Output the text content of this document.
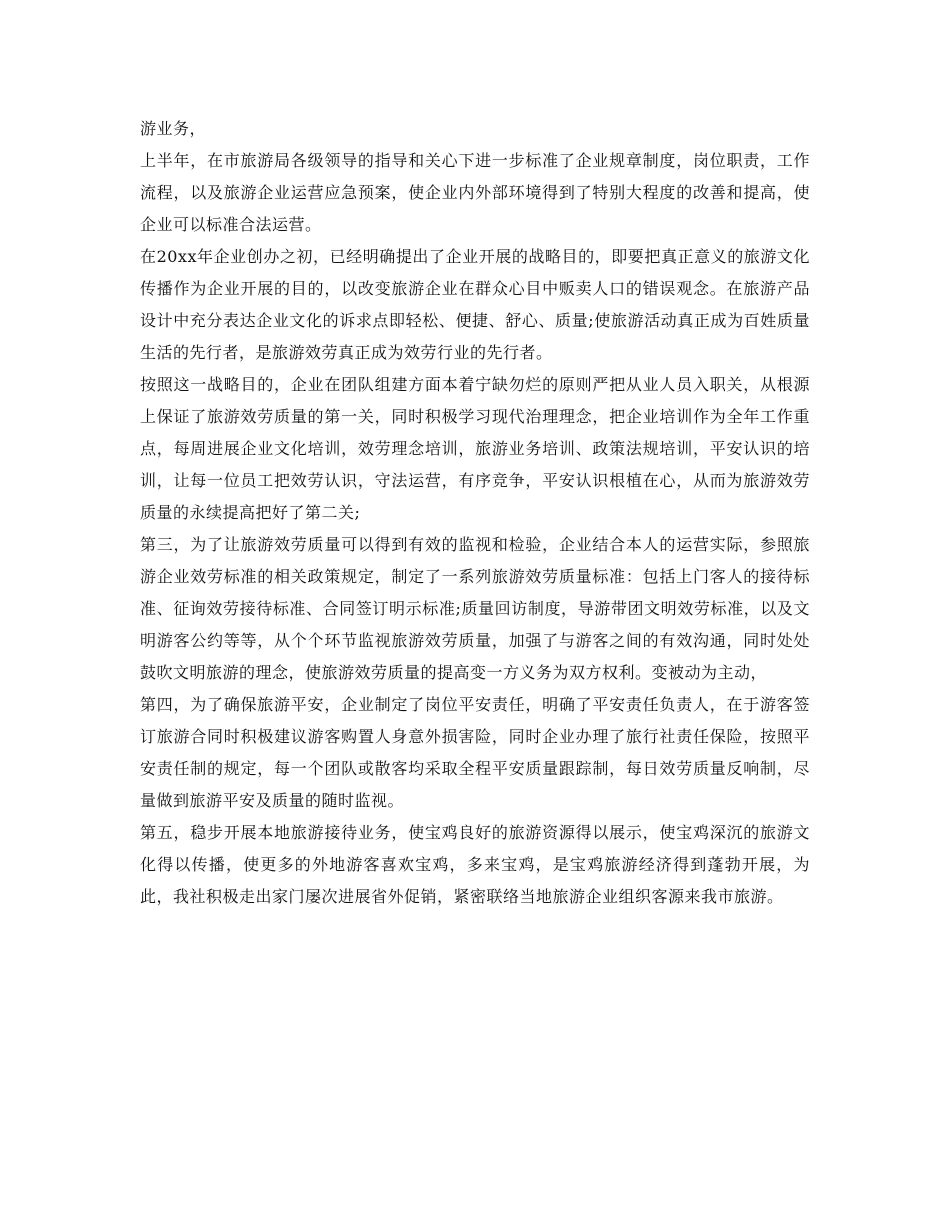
游业务，

上半年，在市旅游局各级领导的指导和关心下进一步标准了企业规章制度，岗位职责，工作流程，以及旅游企业运营应急预案，使企业内外部环境得到了特别大程度的改善和提高，使企业可以标准合法运营。

在20xx年企业创办之初，已经明确提出了企业开展的战略目的，即要把真正意义的旅游文化传播作为企业开展的目的，以改变旅游企业在群众心目中贩卖人口的错误观念。在旅游产品设计中充分表达企业文化的诉求点即轻松、便捷、舒心、质量;使旅游活动真正成为百姓质量生活的先行者，是旅游效劳真正成为效劳行业的先行者。

按照这一战略目的，企业在团队组建方面本着宁缺勿烂的原则严把从业人员入职关，从根源上保证了旅游效劳质量的第一关，同时积极学习现代治理理念，把企业培训作为全年工作重点，每周进展企业文化培训，效劳理念培训，旅游业务培训、政策法规培训，平安认识的培训，让每一位员工把效劳认识，守法运营，有序竞争，平安认识根植在心，从而为旅游效劳质量的永续提高把好了第二关;

第三，为了让旅游效劳质量可以得到有效的监视和检验，企业结合本人的运营实际，参照旅游企业效劳标准的相关政策规定，制定了一系列旅游效劳质量标准：包括上门客人的接待标准、征询效劳接待标准、合同签订明示标准;质量回访制度，导游带团文明效劳标准，以及文明游客公约等等，从个个环节监视旅游效劳质量，加强了与游客之间的有效沟通，同时处处鼓吹文明旅游的理念，使旅游效劳质量的提高变一方义务为双方权利。变被动为主动，

第四，为了确保旅游平安，企业制定了岗位平安责任，明确了平安责任负责人，在于游客签订旅游合同时积极建议游客购置人身意外损害险，同时企业办理了旅行社责任保险，按照平安责任制的规定，每一个团队或散客均采取全程平安质量跟踪制，每日效劳质量反响制，尽量做到旅游平安及质量的随时监视。

第五，稳步开展本地旅游接待业务，使宝鸡良好的旅游资源得以展示，使宝鸡深沉的旅游文化得以传播，使更多的外地游客喜欢宝鸡，多来宝鸡，是宝鸡旅游经济得到蓬勃开展，为此，我社积极走出家门屡次进展省外促销，紧密联络当地旅游企业组织客源来我市旅游。
